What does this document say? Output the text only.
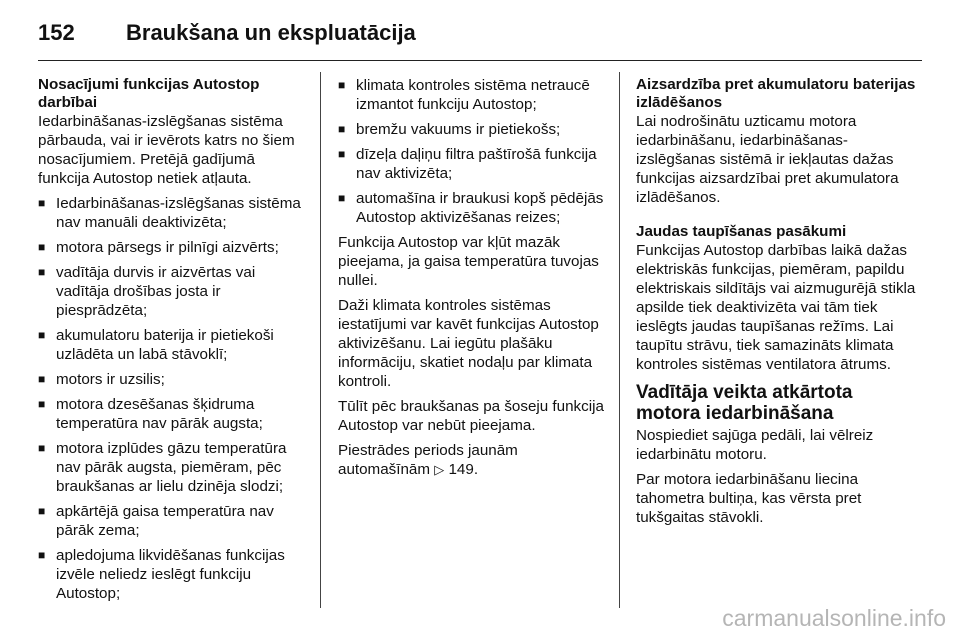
152	Braukšana un ekspluatācija
Nosacījumi funkcijas Autostop darbībai

Iedarbināšanas-izslēgšanas sistēma pārbauda, vai ir ievērots katrs no šiem nosacījumiem. Pretējā gadījumā funkcija Autostop netiek atļauta.

■ Iedarbināšanas-izslēgšanas sistēma nav manuāli deaktivizēta;
■ motora pārsegs ir pilnīgi aizvērts;
■ vadītāja durvis ir aizvērtas vai vadītāja drošības josta ir piesprādzēta;
■ akumulatoru baterija ir pietiekoši uzlādēta un labā stāvoklī;
■ motors ir uzsilis;
■ motora dzesēšanas šķidruma temperatūra nav pārāk augsta;
■ motora izplūdes gāzu temperatūra nav pārāk augsta, piemēram, pēc braukšanas ar lielu dzinēja slodzi;
■ apkārtējā gaisa temperatūra nav pārāk zema;
■ apledojuma likvidēšanas funkcijas izvēle neliedz ieslēgt funkciju Autostop;
■ klimata kontroles sistēma netraucē izmantot funkciju Autostop;
■ bremžu vakuums ir pietiekošs;
■ dīzeļa daļiņu filtra paštīrošā funkcija nav aktivizēta;
■ automašīna ir braukusi kopš pēdējās Autostop aktivizēšanas reizes;

Funkcija Autostop var kļūt mazāk pieejama, ja gaisa temperatūra tuvojas nullei.

Daži klimata kontroles sistēmas iestatījumi var kavēt funkcijas Autostop aktivizēšanu. Lai iegūtu plašāku informāciju, skatiet nodaļu par klimata kontroli.

Tūlīt pēc braukšanas pa šoseju funkcija Autostop var nebūt pieejama.

Piestrādes periods jaunām automašīnām ▷ 149.

Aizsardzība pret akumulatoru baterijas izlādēšanos

Lai nodrošinātu uzticamu motora iedarbināšanu, iedarbināšanas-izslēgšanas sistēmā ir iekļautas dažas funkcijas aizsardzībai pret akumulatora izlādēšanos.

Jaudas taupīšanas pasākumi

Funkcijas Autostop darbības laikā dažas elektriskās funkcijas, piemēram, papildu elektriskais sildītājs vai aizmugurējā stikla apsilde tiek deaktivizēta vai tām tiek ieslēgts jaudas taupīšanas režīms. Lai taupītu strāvu, tiek samazināts klimata kontroles sistēmas ventilatora ātrums.

Vadītāja veikta atkārtota motora iedarbināšana

Nospiediet sajūga pedāli, lai vēlreiz iedarbinātu motoru.

Par motora iedarbināšanu liecina tahometra bultiņa, kas vērsta pret tukšgaitas stāvokli.

carmanualsonline.info
